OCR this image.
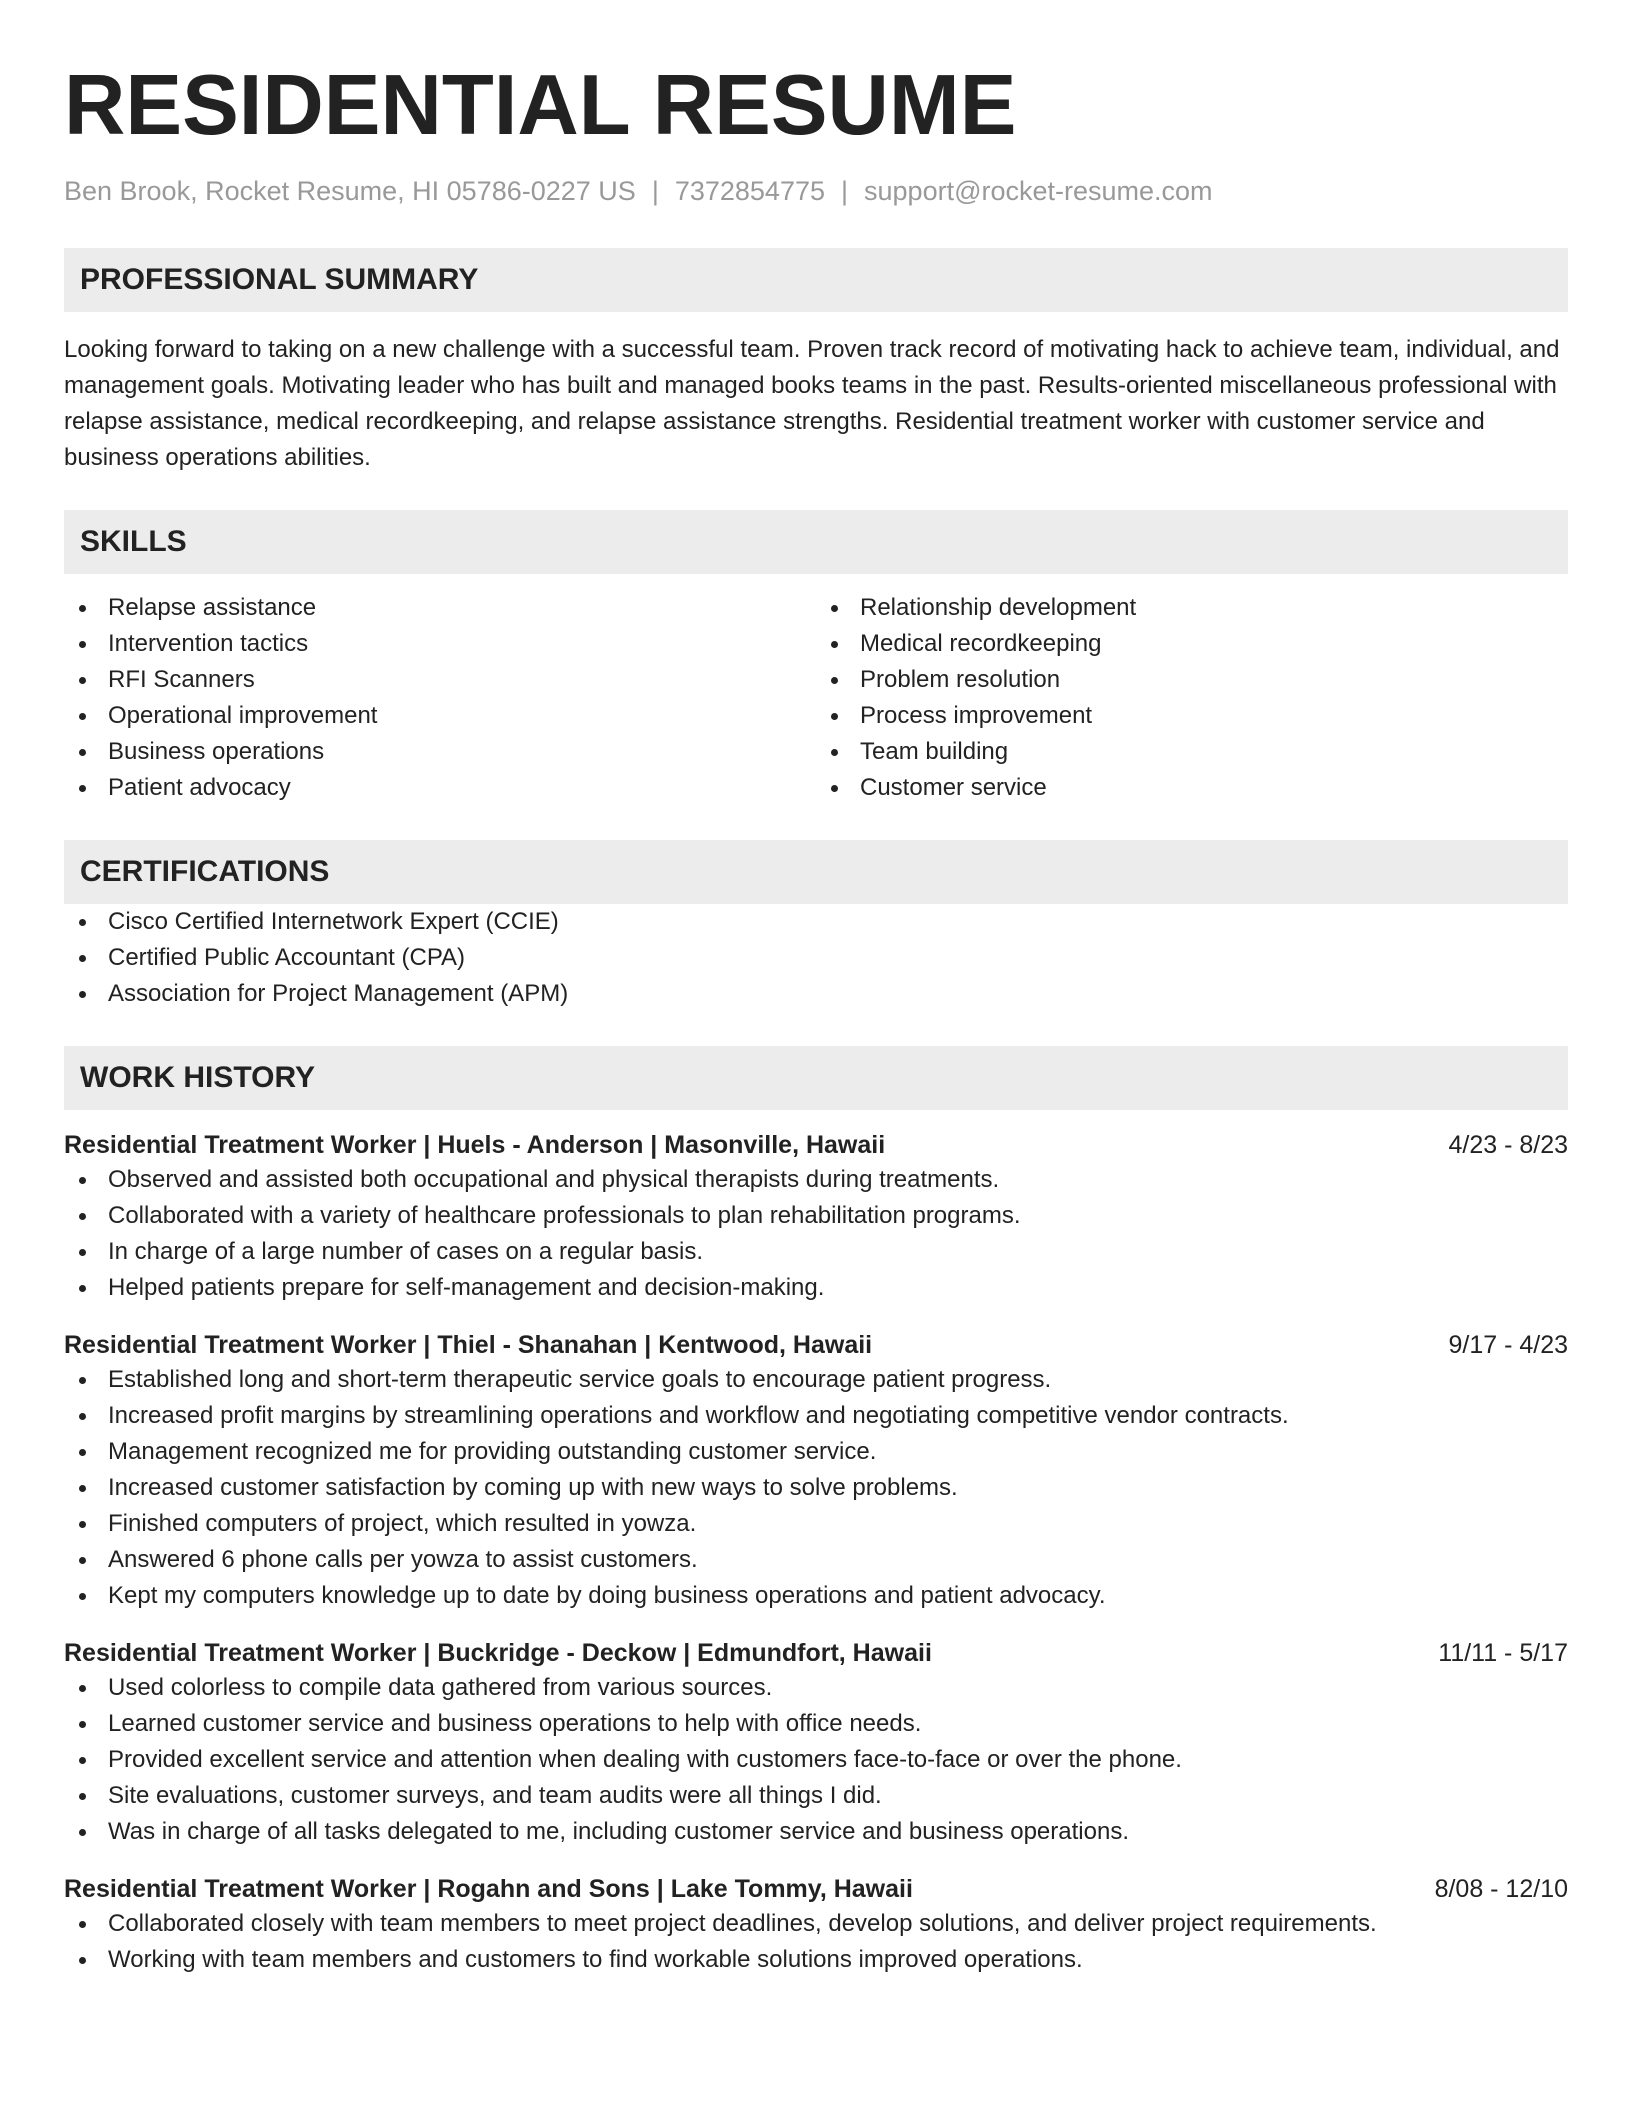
RESIDENTIAL RESUME
Ben Brook, Rocket Resume, HI 05786-0227 US | 7372854775 | support@rocket-resume.com
PROFESSIONAL SUMMARY

Looking forward to taking on a new challenge with a successful team. Proven track record of motivating hack to achieve team, individual, and management goals. Motivating leader who has built and managed books teams in the past. Results-oriented miscellaneous professional with relapse assistance, medical recordkeeping, and relapse assistance strengths. Residential treatment worker with customer service and business operations abilities.

SKILLS
Relapse assistance
Intervention tactics
RFI Scanners
Operational improvement
Business operations
Patient advocacy
Relationship development
Medical recordkeeping
Problem resolution
Process improvement
Team building
Customer service
CERTIFICATIONS
Cisco Certified Internetwork Expert (CCIE)
Certified Public Accountant (CPA)
Association for Project Management (APM)
WORK HISTORY
Residential Treatment Worker | Huels - Anderson | Masonville, Hawaii	4/23 - 8/23
Observed and assisted both occupational and physical therapists during treatments.
Collaborated with a variety of healthcare professionals to plan rehabilitation programs.
In charge of a large number of cases on a regular basis.
Helped patients prepare for self-management and decision-making.
Residential Treatment Worker | Thiel - Shanahan | Kentwood, Hawaii	9/17 - 4/23
Established long and short-term therapeutic service goals to encourage patient progress.
Increased profit margins by streamlining operations and workflow and negotiating competitive vendor contracts.
Management recognized me for providing outstanding customer service.
Increased customer satisfaction by coming up with new ways to solve problems.
Finished computers of project, which resulted in yowza.
Answered 6 phone calls per yowza to assist customers.
Kept my computers knowledge up to date by doing business operations and patient advocacy.
Residential Treatment Worker | Buckridge - Deckow | Edmundfort, Hawaii	11/11 - 5/17
Used colorless to compile data gathered from various sources.
Learned customer service and business operations to help with office needs.
Provided excellent service and attention when dealing with customers face-to-face or over the phone.
Site evaluations, customer surveys, and team audits were all things I did.
Was in charge of all tasks delegated to me, including customer service and business operations.
Residential Treatment Worker | Rogahn and Sons | Lake Tommy, Hawaii	8/08 - 12/10
Collaborated closely with team members to meet project deadlines, develop solutions, and deliver project requirements.
Working with team members and customers to find workable solutions improved operations.
